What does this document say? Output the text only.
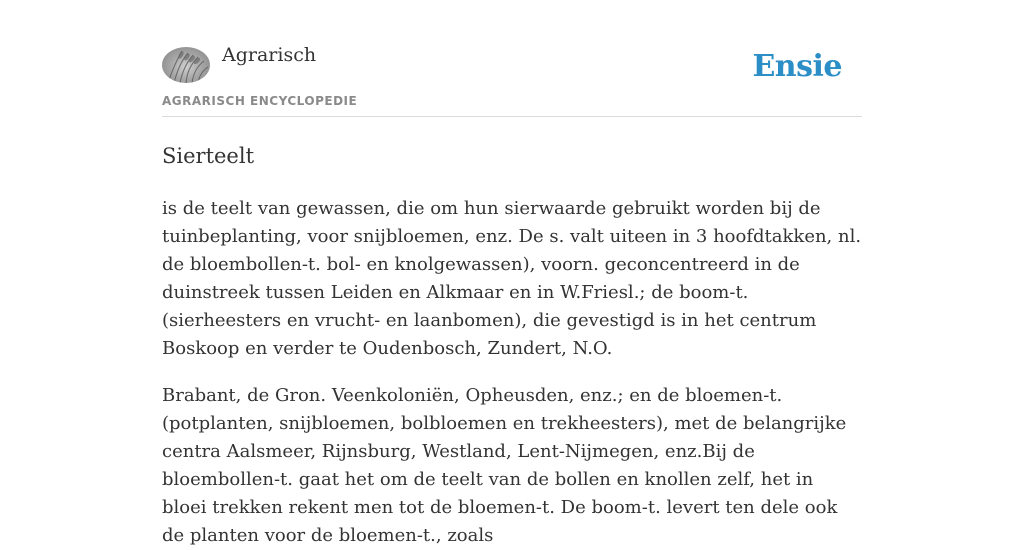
Agrarisch	Ensie
AGRARISCH ENCYCLOPEDIE
Sierteelt

is de teelt van gewassen, die om hun sierwaarde gebruikt worden bij de tuinbeplanting, voor snijbloemen, enz. De s. valt uiteen in 3 hoofdtakken, nl. de bloembollen-t. bol- en knolgewassen), voorn. geconcentreerd in de duinstreek tussen Leiden en Alkmaar en in W.Friesl.; de boom-t. (sierheesters en vrucht- en laanbomen), die gevestigd is in het centrum Boskoop en verder te Oudenbosch, Zundert, N.O.

Brabant, de Gron. Veenkoloniën, Opheusden, enz.; en de bloemen-t. (potplanten, snijbloemen, bolbloemen en trekheesters), met de belangrijke centra Aalsmeer, Rijnsburg, Westland, Lent-Nijmegen, enz.Bij de bloembollen-t. gaat het om de teelt van de bollen en knollen zelf, het in bloei trekken rekent men tot de bloemen-t. De boom-t. levert ten dele ook de planten voor de bloemen-t., zoals
